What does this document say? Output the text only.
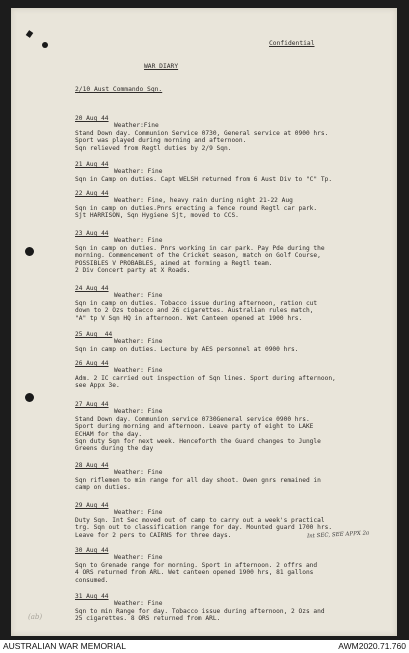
Confidential
WAR DIARY
2/10 Aust Commando Sqn.
20 Aug 44
Weather:Fine
Stand Down day. Communion Service 0730, General service at 0900 hrs.
Sport was played during morning and afternoon.
Sqn relieved from Regtl duties by 2/9 Sqn.
21 Aug 44
Weather: Fine
Sqn in Camp on duties. Capt WELSH returned from 6 Aust Div to "C" Tp.
22 Aug 44
Weather: Fine, heavy rain during night 21-22 Aug
Sqn in camp on duties.Pnrs erecting a fence round Regtl car park.
Sjt HARRISON, Sqn Hygiene Sjt, moved to CCS.
23 Aug 44
Weather: Fine
Sqn in camp on duties. Pnrs working in car park. Pay Pde during the
morning. Commencement of the Cricket season, match on Golf Course,
POSSIBLES V PROBABLES, aimed at forming a Regtl team.
2 Div Concert party at X Roads.
24 Aug 44
Weather: Fine
Sqn in camp on duties. Tobacco issue during afternoon, ration cut
down to 2 Ozs tobacco and 26 cigarettes. Australian rules match,
"A" tp V Sqn HQ in afternoon. Wet Canteen opened at 1900 hrs.
25 Aug  44
Weather: Fine
Sqn in camp on duties. Lecture by AES personnel at 0900 hrs.
26 Aug 44
Weather: Fine
Adm. 2 IC carried out inspection of Sqn lines. Sport during afternoon,
see Appx 3e.
27 Aug 44
Weather: Fine
Stand Down day. Communion service 0730General service 0900 hrs.
Sport during morning and afternoon. Leave party of eight to LAKE
ECHAM for the day.
Sqn duty Sqn for next week. Henceforth the Guard changes to Jungle
Greens during the day
28 Aug 44
Weather: Fine
Sqn riflemen to min range for all day shoot. Owen gnrs remained in
camp on duties.
29 Aug 44
Weather: Fine
Duty Sqn. Int Sec moved out of camp to carry out a week's practical
trg. Sqn out to classification range for day. Mounted guard 1700 hrs.
Leave for 2 pers to CAIRNS for three days.
30 Aug 44
Weather: Fine
Sqn to Grenade range for morning. Sport in afternoon. 2 offrs and
4 ORS returned from ARL. Wet canteen opened 1900 hrs, 81 gallons
consumed.
31 Aug 44
Weather: Fine
Sqn to min Range for day. Tobacco issue during afternoon, 2 Ozs and
25 cigarettes. 8 ORS returned from ARL.
Int SEC, SEE APPX 2a
(ab)
AUSTRALIAN WAR MEMORIAL	AWM2020.71.760
